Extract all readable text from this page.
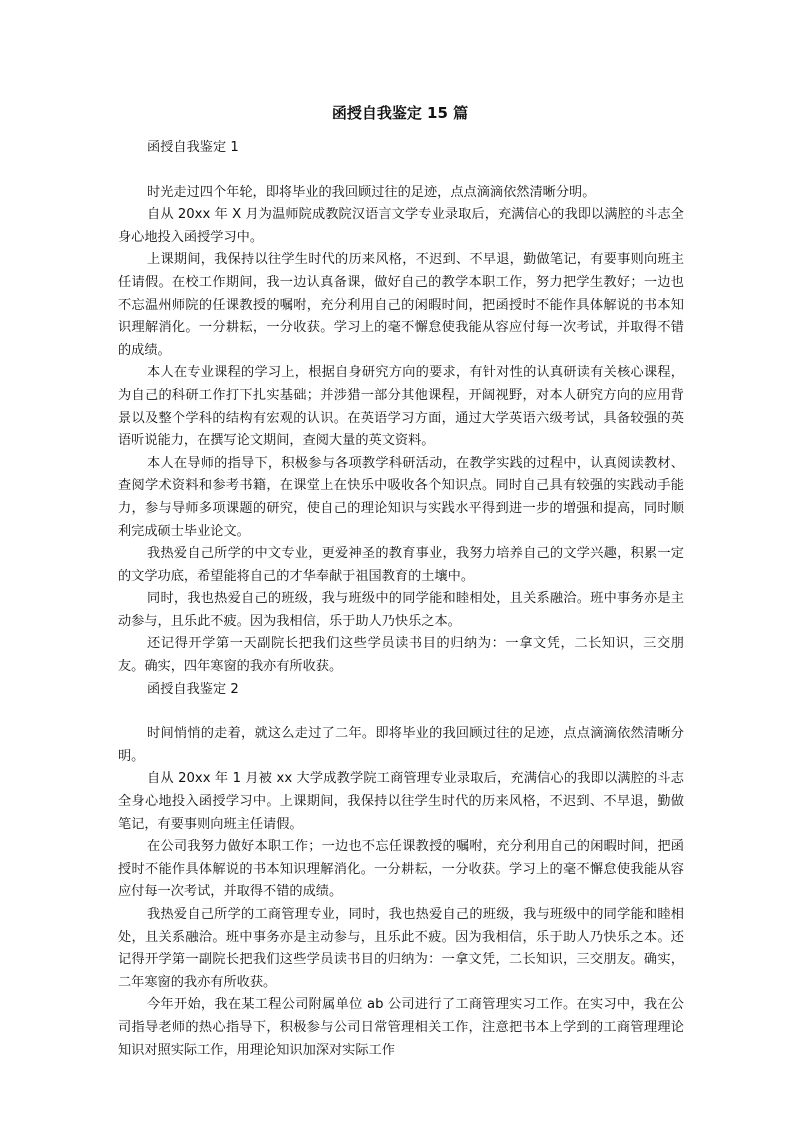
函授自我鉴定 15 篇

函授自我鉴定 1

时光走过四个年轮，即将毕业的我回顾过往的足迹，点点滴滴依然清晰分明。

自从 20xx 年 X 月为温师院成教院汉语言文学专业录取后，充满信心的我即以满腔的斗志全身心地投入函授学习中。

上课期间，我保持以往学生时代的历来风格，不迟到、不早退，勤做笔记，有要事则向班主任请假。在校工作期间，我一边认真备课，做好自己的教学本职工作，努力把学生教好；一边也不忘温州师院的任课教授的嘱咐，充分利用自己的闲暇时间，把函授时不能作具体解说的书本知识理解消化。一分耕耘，一分收获。学习上的毫不懈怠使我能从容应付每一次考试，并取得不错的成绩。

本人在专业课程的学习上，根据自身研究方向的要求，有针对性的认真研读有关核心课程，为自己的科研工作打下扎实基础；并涉猎一部分其他课程，开阔视野，对本人研究方向的应用背景以及整个学科的结构有宏观的认识。在英语学习方面，通过大学英语六级考试，具备较强的英语听说能力，在撰写论文期间，查阅大量的英文资料。

本人在导师的指导下，积极参与各项教学科研活动，在教学实践的过程中，认真阅读教材、查阅学术资料和参考书籍，在课堂上在快乐中吸收各个知识点。同时自己具有较强的实践动手能力，参与导师多项课题的研究，使自己的理论知识与实践水平得到进一步的增强和提高，同时顺利完成硕士毕业论文。

我热爱自己所学的中文专业，更爱神圣的教育事业，我努力培养自己的文学兴趣，积累一定的文学功底，希望能将自己的才华奉献于祖国教育的土壤中。

同时，我也热爱自己的班级，我与班级中的同学能和睦相处，且关系融洽。班中事务亦是主动参与，且乐此不疲。因为我相信，乐于助人乃快乐之本。

还记得开学第一天副院长把我们这些学员读书目的归纳为：一拿文凭，二长知识，三交朋友。确实，四年寒窗的我亦有所收获。

函授自我鉴定 2

时间悄悄的走着，就这么走过了二年。即将毕业的我回顾过往的足迹，点点滴滴依然清晰分明。

自从 20xx 年 1 月被 xx 大学成教学院工商管理专业录取后，充满信心的我即以满腔的斗志全身心地投入函授学习中。上课期间，我保持以往学生时代的历来风格，不迟到、不早退，勤做笔记，有要事则向班主任请假。

在公司我努力做好本职工作；一边也不忘任课教授的嘱咐，充分利用自己的闲暇时间，把函授时不能作具体解说的书本知识理解消化。一分耕耘，一分收获。学习上的毫不懈怠使我能从容应付每一次考试，并取得不错的成绩。

我热爱自己所学的工商管理专业，同时，我也热爱自己的班级，我与班级中的同学能和睦相处，且关系融洽。班中事务亦是主动参与，且乐此不疲。因为我相信，乐于助人乃快乐之本。还记得开学第一副院长把我们这些学员读书目的归纳为：一拿文凭，二长知识，三交朋友。确实，二年寒窗的我亦有所收获。

今年开始，我在某工程公司附属单位 ab 公司进行了工商管理实习工作。在实习中，我在公司指导老师的热心指导下，积极参与公司日常管理相关工作，注意把书本上学到的工商管理理论知识对照实际工作，用理论知识加深对实际工作
